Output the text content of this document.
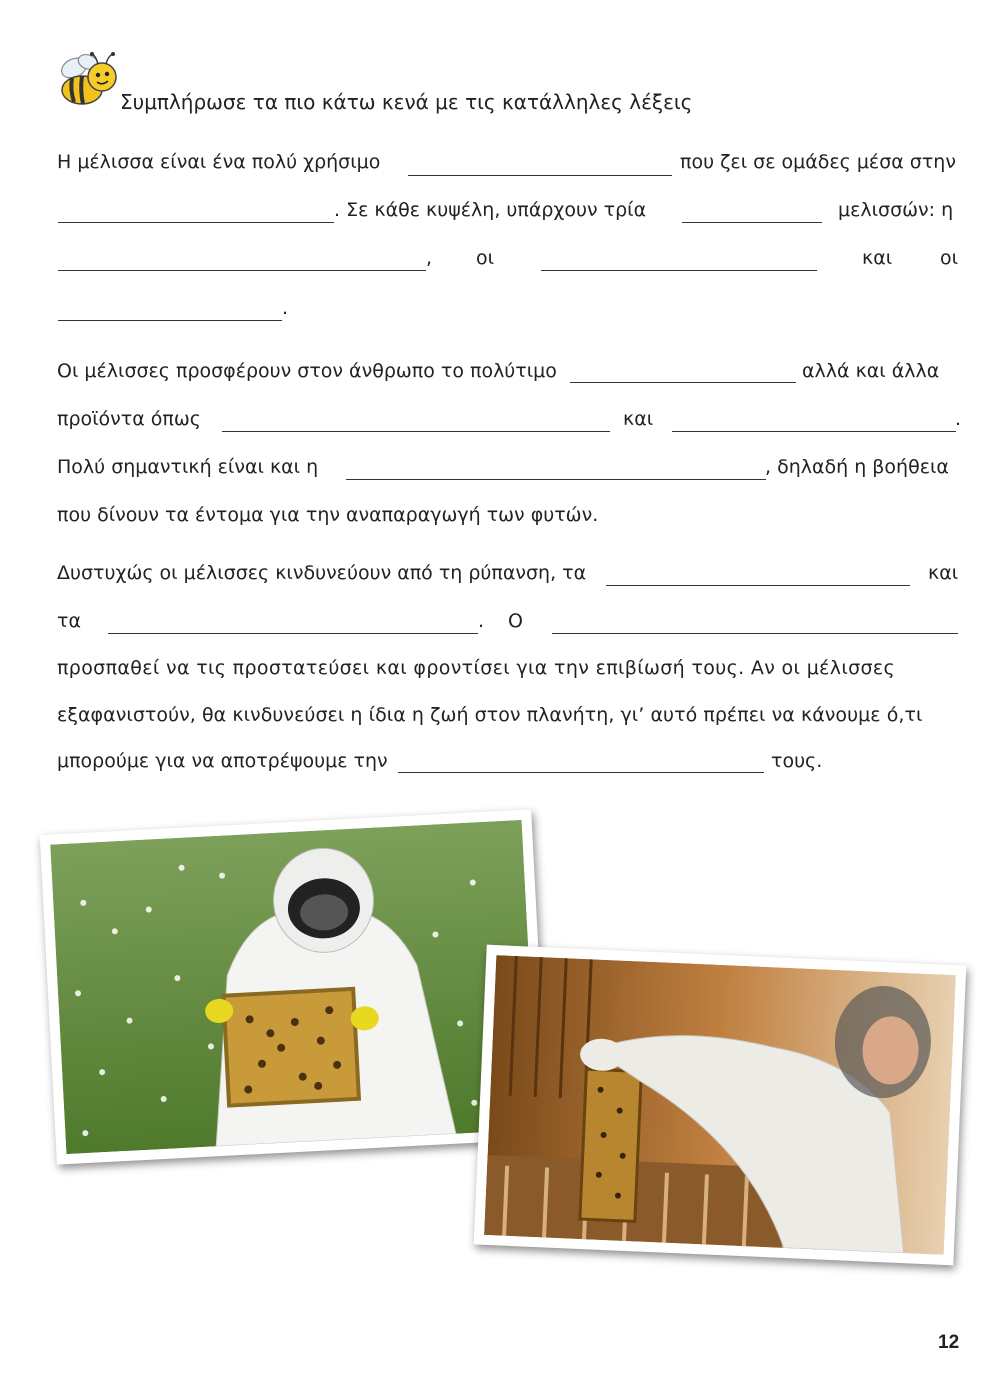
Συμπλήρωσε τα πιο κάτω κενά με τις κατάλληλες λέξεις
Η μέλισσα είναι ένα πολύ χρήσιμο	που ζει σε ομάδες μέσα στην
. Σε κάθε κυψέλη, υπάρχουν τρία	μελισσών: η
, οι	και	οι
.
Οι μέλισσες προσφέρουν στον άνθρωπο το πολύτιμο	αλλά και άλλα
προϊόντα όπως	και	.
Πολύ σημαντική είναι και η	, δηλαδή η βοήθεια
που δίνουν τα έντομα για την αναπαραγωγή των φυτών.
Δυστυχώς οι μέλισσες κινδυνεύουν από τη ρύπανση, τα	και
τα	. Ο
προσπαθεί να τις προστατεύσει και φροντίσει για την επιβίωσή τους. Αν οι μέλισσες
εξαφανιστούν, θα κινδυνεύσει η ίδια η ζωή στον πλανήτη, γι’ αυτό πρέπει να κάνουμε ό,τι
μπορούμε για να αποτρέψουμε την	τους.
12
